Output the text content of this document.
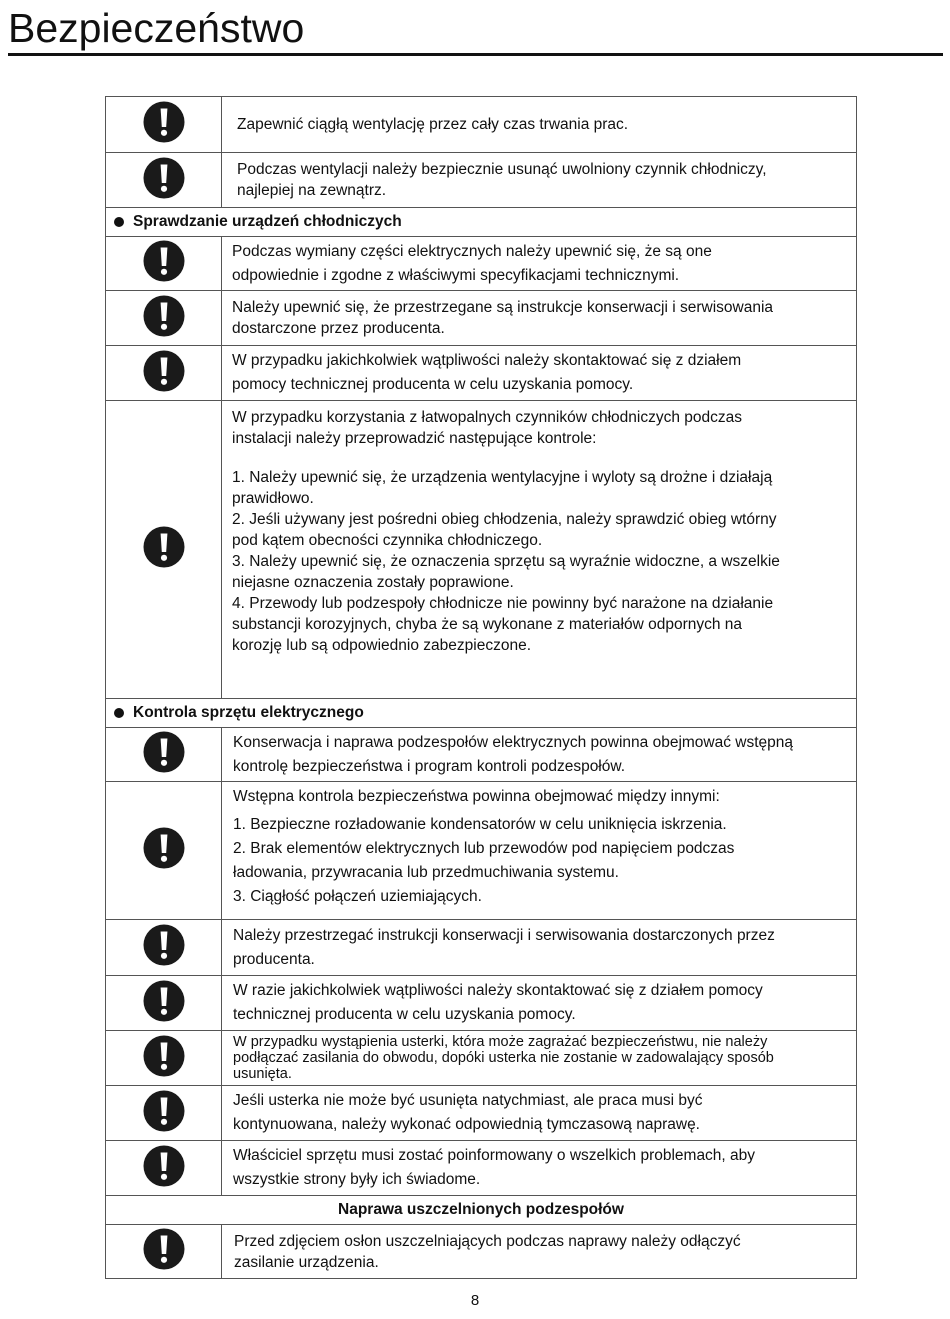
Bezpieczeństwo

Zapewnić ciągłą wentylację przez cały czas trwania prac.

Podczas wentylacji należy bezpiecznie usunąć uwolniony czynnik chłodniczy,

najlepiej na zewnątrz.

Sprawdzanie urządzeń chłodniczych

Podczas wymiany części elektrycznych należy upewnić się, że są one

odpowiednie i zgodne z właściwymi specyfikacjami technicznymi.

Należy upewnić się, że przestrzegane są instrukcje konserwacji i serwisowania

dostarczone przez producenta.

W przypadku jakichkolwiek wątpliwości należy skontaktować się z działem

pomocy technicznej producenta w celu uzyskania pomocy.

W przypadku korzystania z łatwopalnych czynników chłodniczych podczas

instalacji należy przeprowadzić następujące kontrole:

1. Należy upewnić się, że urządzenia wentylacyjne i wyloty są drożne i działają

prawidłowo.

2. Jeśli używany jest pośredni obieg chłodzenia, należy sprawdzić obieg wtórny

pod kątem obecności czynnika chłodniczego.

3. Należy upewnić się, że oznaczenia sprzętu są wyraźnie widoczne, a wszelkie

niejasne oznaczenia zostały poprawione.

4. Przewody lub podzespoły chłodnicze nie powinny być narażone na działanie

substancji korozyjnych, chyba że są wykonane z materiałów odpornych na

korozję lub są odpowiednio zabezpieczone.

Kontrola sprzętu elektrycznego

Konserwacja i naprawa podzespołów elektrycznych powinna obejmować wstępną

kontrolę bezpieczeństwa i program kontroli podzespołów.

Wstępna kontrola bezpieczeństwa powinna obejmować między innymi:

1. Bezpieczne rozładowanie kondensatorów w celu uniknięcia iskrzenia.

2. Brak elementów elektrycznych lub przewodów pod napięciem podczas

ładowania, przywracania lub przedmuchiwania systemu.

3. Ciągłość połączeń uziemiających.

Należy przestrzegać instrukcji konserwacji i serwisowania dostarczonych przez

producenta.

W razie jakichkolwiek wątpliwości należy skontaktować się z działem pomocy

technicznej producenta w celu uzyskania pomocy.

W przypadku wystąpienia usterki, która może zagrażać bezpieczeństwu, nie należy

podłączać zasilania do obwodu, dopóki usterka nie zostanie w zadowalający sposób

usunięta.

Jeśli usterka nie może być usunięta natychmiast, ale praca musi być

kontynuowana, należy wykonać odpowiednią tymczasową naprawę.

Właściciel sprzętu musi zostać poinformowany o wszelkich problemach, aby

wszystkie strony były ich świadome.

Naprawa uszczelnionych podzespołów

Przed zdjęciem osłon uszczelniających podczas naprawy należy odłączyć

zasilanie urządzenia.

8
